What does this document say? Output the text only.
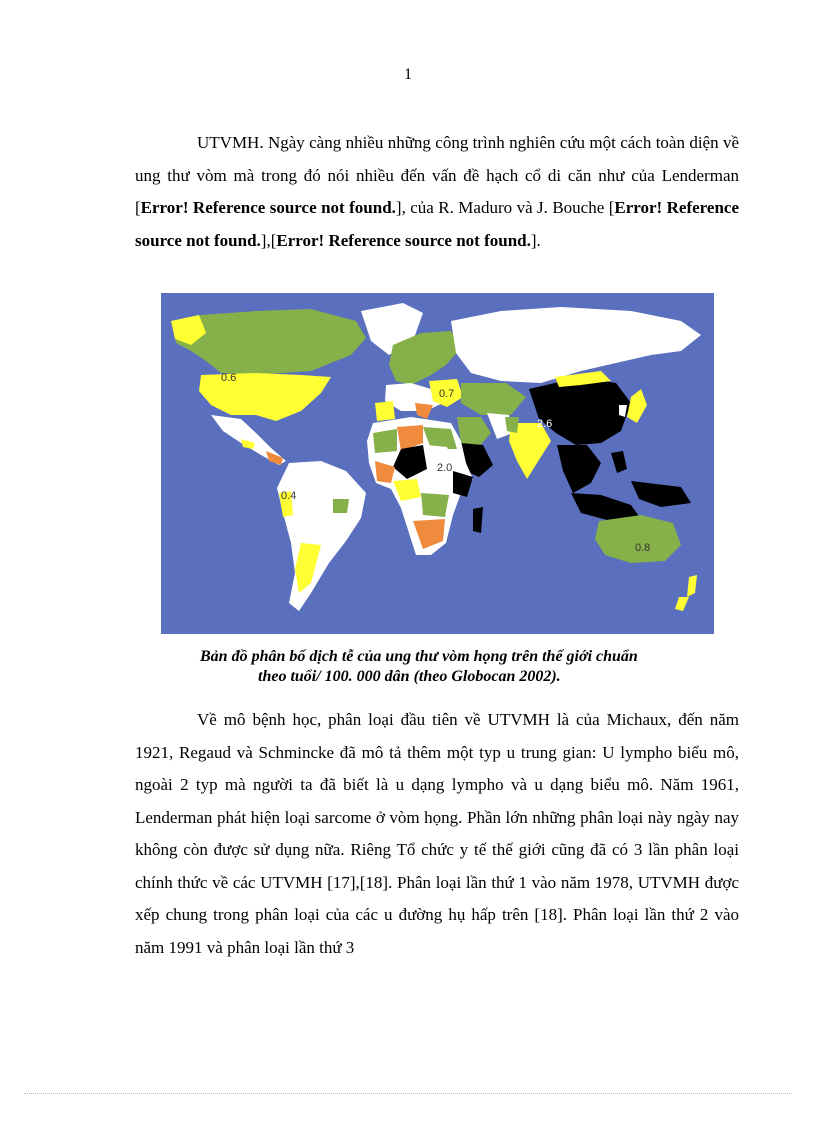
1

UTVMH. Ngày càng nhiều những công trình nghiên cứu một cách toàn diện về ung thư vòm mà trong đó nói nhiều đến vấn đề hạch cổ di căn như của Lenderman [Error! Reference source not found.], của R. Maduro và J. Bouche [Error! Reference source not found.],[Error! Reference source not found.].

0.6
0.7
2.6
2.0
0.4
0.8

Bản đồ phân bố dịch tễ của ung thư vòm họng trên thế giới chuẩn
theo tuổi/ 100. 000 dân (theo Globocan 2002).

Về mô bệnh học, phân loại đầu tiên về UTVMH là của Michaux, đến năm 1921, Regaud và Schmincke đã mô tả thêm một typ u trung gian: U lympho biểu mô, ngoài 2 typ mà người ta đã biết là u dạng lympho và u dạng biểu mô. Năm 1961, Lenderman phát hiện loại sarcome ở vòm họng. Phần lớn những phân loại này ngày nay không còn được sử dụng nữa. Riêng Tổ chức y tế thế giới cũng đã có 3 lần phân loại chính thức về các UTVMH [17],[18]. Phân loại lần thứ 1 vào năm 1978, UTVMH được xếp chung trong phân loại của các u đường hụ hấp trên [18]. Phân loại lần thứ 2 vào năm 1991 và phân loại lần thứ 3
